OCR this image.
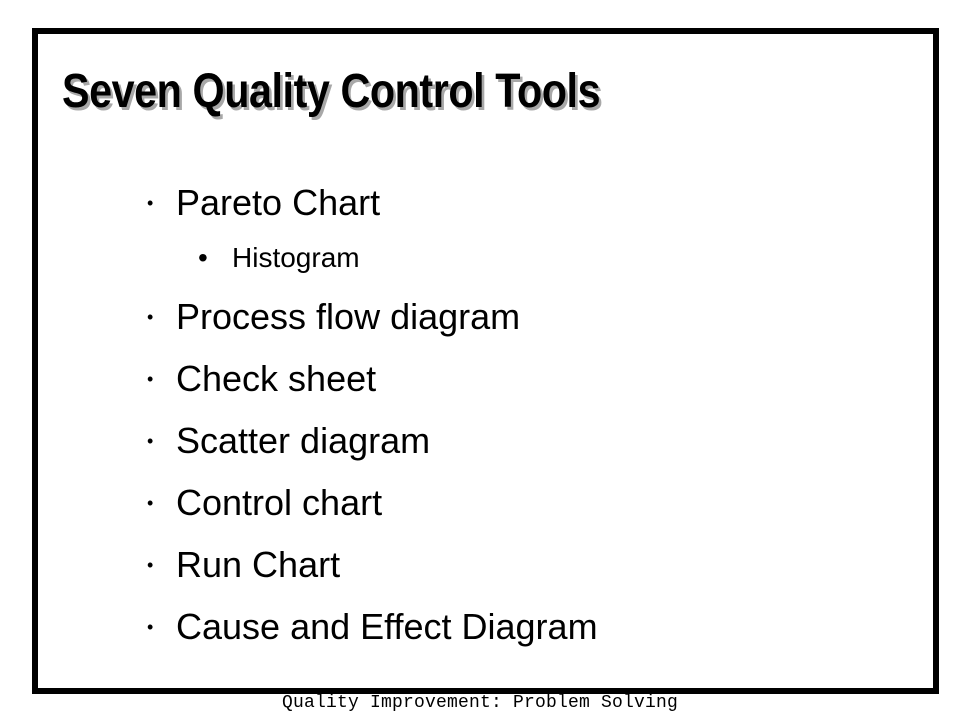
Seven Quality Control Tools
• Pareto Chart
• Histogram
• Process flow diagram
• Check sheet
• Scatter diagram
• Control chart
• Run Chart
• Cause and Effect Diagram
Quality Improvement: Problem Solving
